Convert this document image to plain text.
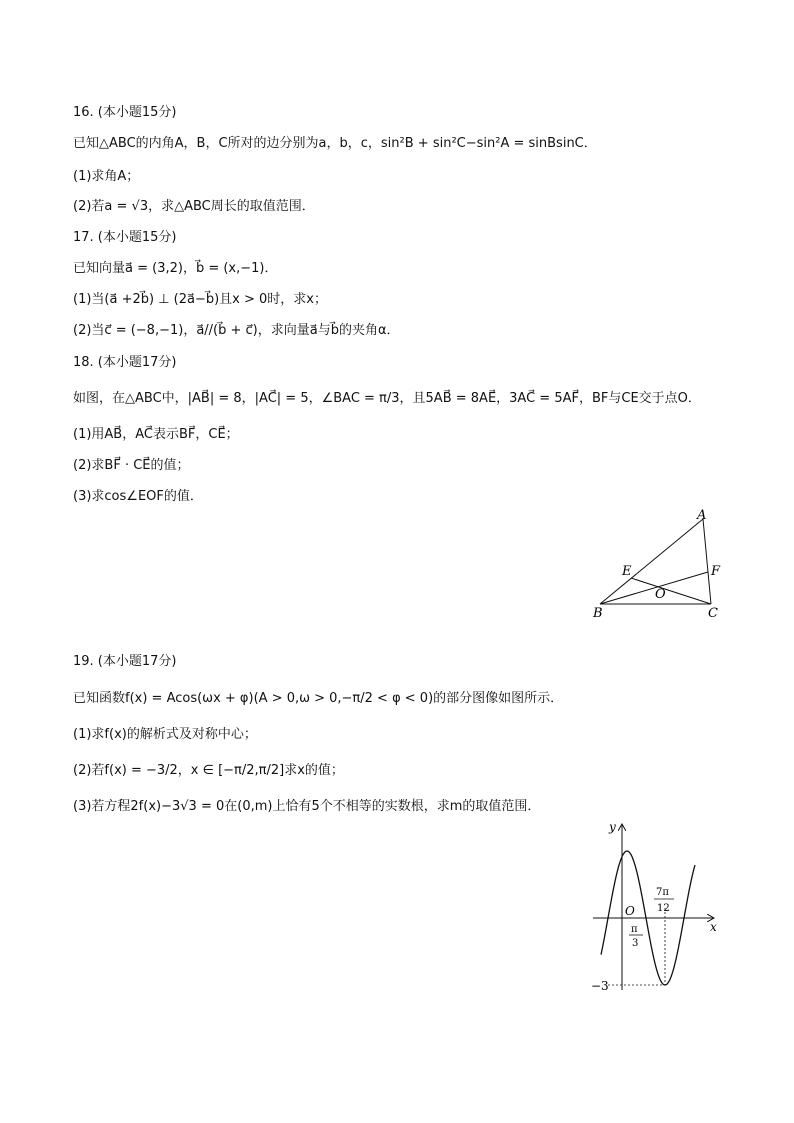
16. (本小题15分)
已知△ABC的内角A，B，C所对的边分别为a，b，c，sin²B + sin²C−sin²A = sinBsinC．
(1)求角A；
(2)若a = √3，求△ABC周长的取值范围．
17. (本小题15分)
已知向量a⃗ = (3,2)，b⃗ = (x,−1)．
(1)当(a⃗ +2b⃗) ⊥ (2a⃗−b⃗)且x > 0时，求x；
(2)当c⃗ = (−8,−1)，a⃗//(b⃗ + c⃗)，求向量a⃗与b⃗的夹角α．
18. (本小题17分)
如图，在△ABC中，|AB⃗| = 8，|AC⃗| = 5，∠BAC = π/3，且5AB⃗ = 8AE⃗，3AC⃗ = 5AF⃗，BF与CE交于点O．
(1)用AB⃗，AC⃗表示BF⃗，CE⃗；
(2)求BF⃗ · CE⃗的值；
(3)求cos∠EOF的值．
A
B	C
E	F
O
19. (本小题17分)
已知函数f(x) = Acos(ωx + φ)(A > 0,ω > 0,−π/2 < φ < 0)的部分图像如图所示．
(1)求f(x)的解析式及对称中心；
(2)若f(x) = −3/2，x ∈ [−π/2,π/2]求x的值；
(3)若方程2f(x)−3√3 = 0在(0,m)上恰有5个不相等的实数根，求m的取值范围．
y
x
O
π
3
7π
12
−3
